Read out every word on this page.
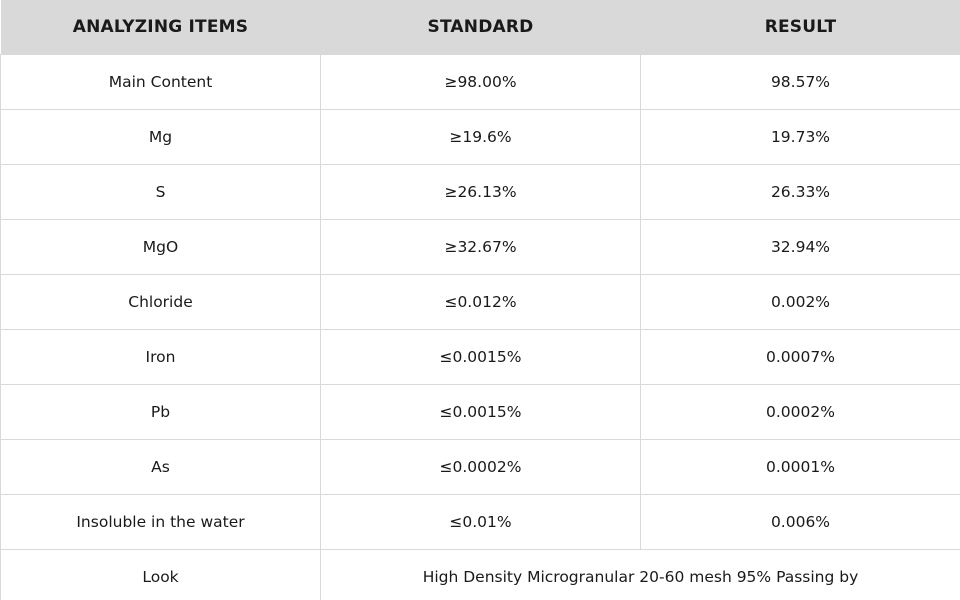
ANALYZING ITEMS	STANDARD	RESULT
Main Content	≥98.00%	98.57%
Mg	≥19.6%	19.73%
S	≥26.13%	26.33%
MgO	≥32.67%	32.94%
Chloride	≤0.012%	0.002%
Iron	≤0.0015%	0.0007%
Pb	≤0.0015%	0.0002%
As	≤0.0002%	0.0001%
Insoluble in the water	≤0.01%	0.006%
Look	High Density Microgranular 20-60 mesh 95% Passing by	
